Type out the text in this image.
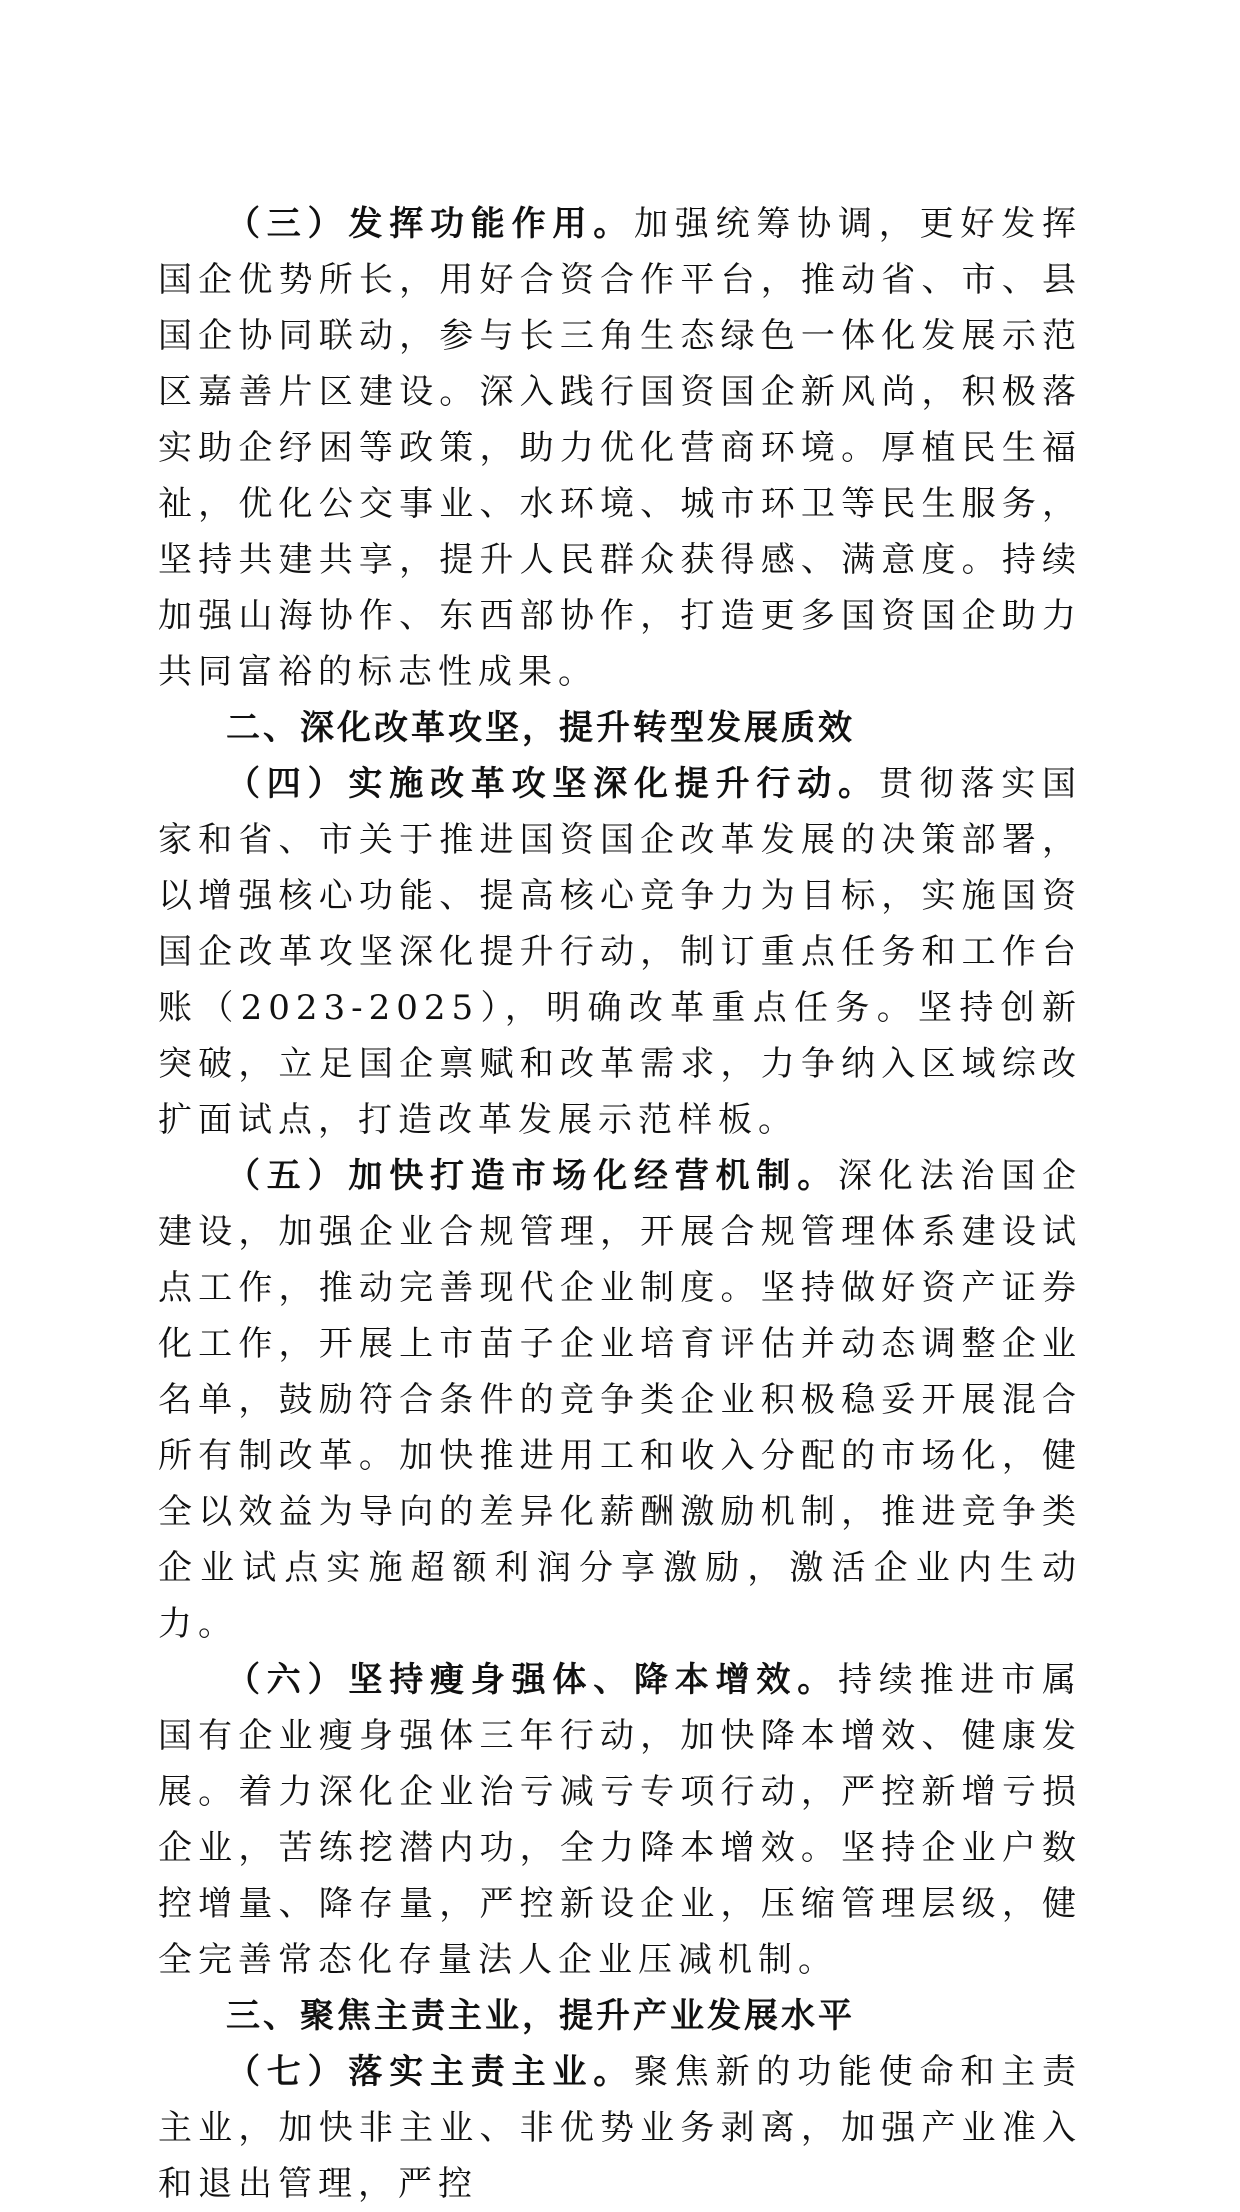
（三）发挥功能作用。加强统筹协调，更好发挥国企优势所长，用好合资合作平台，推动省、市、县国企协同联动，参与长三角生态绿色一体化发展示范区嘉善片区建设。深入践行国资国企新风尚，积极落实助企纾困等政策，助力优化营商环境。厚植民生福祉，优化公交事业、水环境、城市环卫等民生服务，坚持共建共享，提升人民群众获得感、满意度。持续加强山海协作、东西部协作，打造更多国资国企助力共同富裕的标志性成果。

二、深化改革攻坚，提升转型发展质效

（四）实施改革攻坚深化提升行动。贯彻落实国家和省、市关于推进国资国企改革发展的决策部署，以增强核心功能、提高核心竞争力为目标，实施国资国企改革攻坚深化提升行动，制订重点任务和工作台账（2023-2025），明确改革重点任务。坚持创新突破，立足国企禀赋和改革需求，力争纳入区域综改扩面试点，打造改革发展示范样板。

（五）加快打造市场化经营机制。深化法治国企建设，加强企业合规管理，开展合规管理体系建设试点工作，推动完善现代企业制度。坚持做好资产证券化工作，开展上市苗子企业培育评估并动态调整企业名单，鼓励符合条件的竞争类企业积极稳妥开展混合所有制改革。加快推进用工和收入分配的市场化，健全以效益为导向的差异化薪酬激励机制，推进竞争类企业试点实施超额利润分享激励，激活企业内生动力。

（六）坚持瘦身强体、降本增效。持续推进市属国有企业瘦身强体三年行动，加快降本增效、健康发展。着力深化企业治亏减亏专项行动，严控新增亏损企业，苦练挖潜内功，全力降本增效。坚持企业户数控增量、降存量，严控新设企业，压缩管理层级，健全完善常态化存量法人企业压减机制。

三、聚焦主责主业，提升产业发展水平

（七）落实主责主业。聚焦新的功能使命和主责主业，加快非主业、非优势业务剥离，加强产业准入和退出管理，严控
